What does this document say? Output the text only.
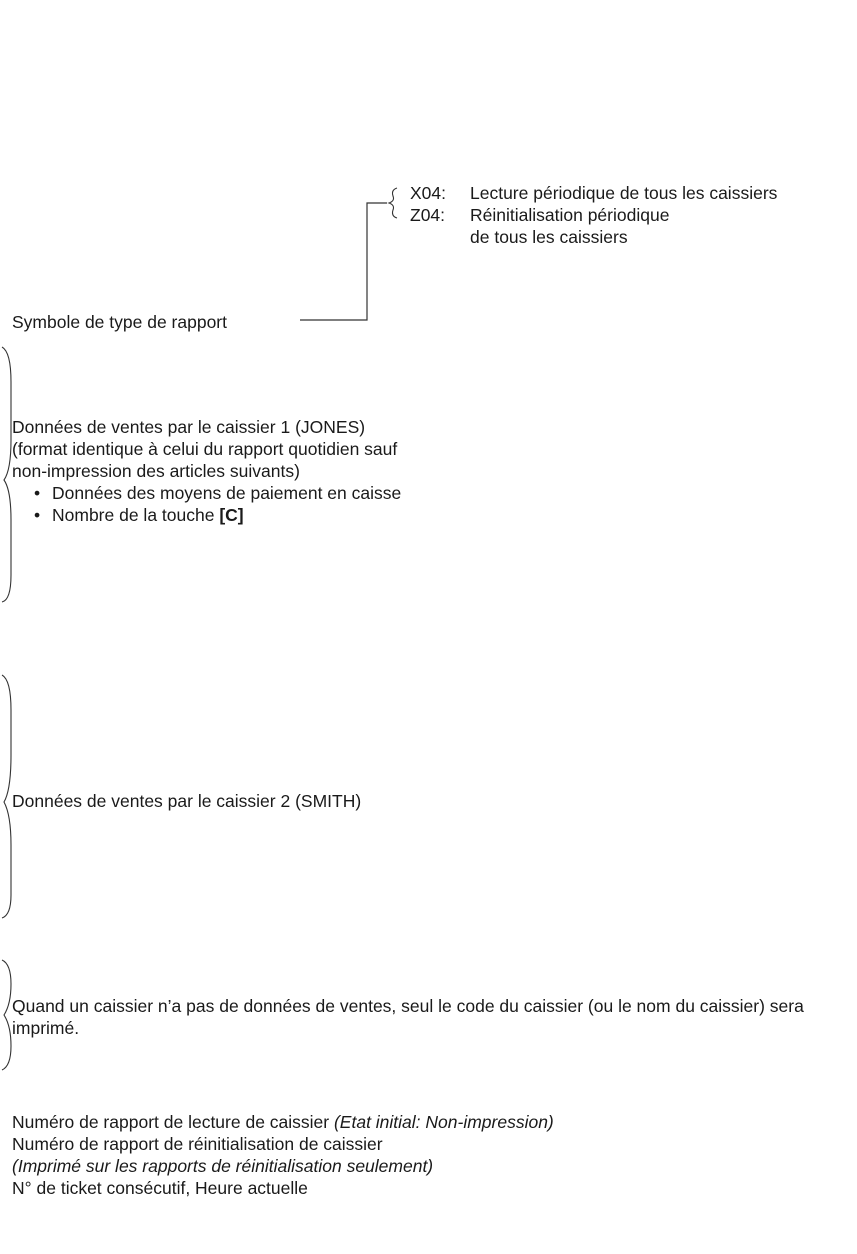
X04: Lecture périodique de tous les caissiers
Z04: Réinitialisation périodique
de tous les caissiers
Symbole de type de rapport
Données de ventes par le caissier 1 (JONES)
(format identique à celui du rapport quotidien sauf
non-impression des articles suivants)
• Données des moyens de paiement en caisse
• Nombre de la touche [C]
Données de ventes par le caissier 2 (SMITH)
Quand un caissier n’a pas de données de ventes, seul le code du caissier (ou le nom du caissier) sera imprimé.
Numéro de rapport de lecture de caissier (Etat initial: Non-impression)
Numéro de rapport de réinitialisation de caissier
(Imprimé sur les rapports de réinitialisation seulement)
N° de ticket consécutif, Heure actuelle
